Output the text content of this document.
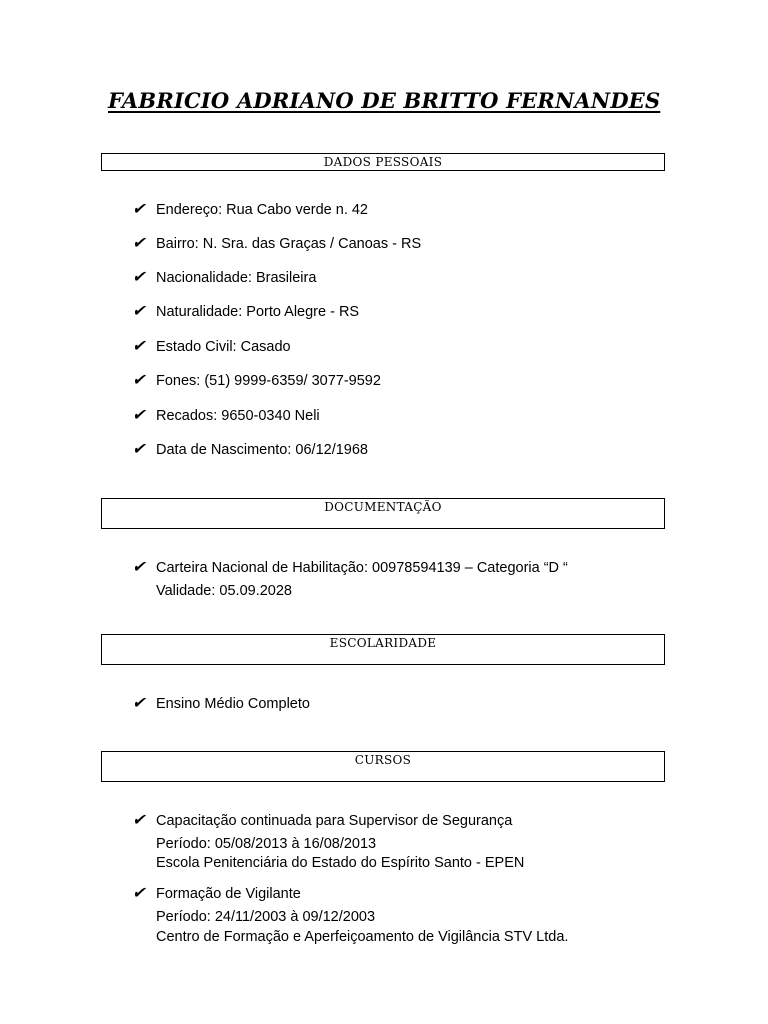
FABRICIO ADRIANO DE BRITTO FERNANDES
DADOS PESSOAIS
✔ Endereço: Rua Cabo verde n. 42
✔ Bairro: N. Sra. das Graças / Canoas - RS
✔ Nacionalidade: Brasileira
✔ Naturalidade: Porto Alegre - RS
✔ Estado Civil: Casado
✔ Fones: (51) 9999-6359/ 3077-9592
✔ Recados: 9650-0340 Neli
✔ Data de Nascimento: 06/12/1968
DOCUMENTAÇÃO
✔ Carteira Nacional de Habilitação: 00978594139 – Categoria “D “
Validade: 05.09.2028
ESCOLARIDADE
✔ Ensino Médio Completo
CURSOS
✔ Capacitação continuada para Supervisor de Segurança
Período: 05/08/2013 à 16/08/2013
Escola Penitenciária do Estado do Espírito Santo - EPEN
✔ Formação de Vigilante
Período: 24/11/2003 à 09/12/2003
Centro de Formação e Aperfeiçoamento de Vigilância STV Ltda.
